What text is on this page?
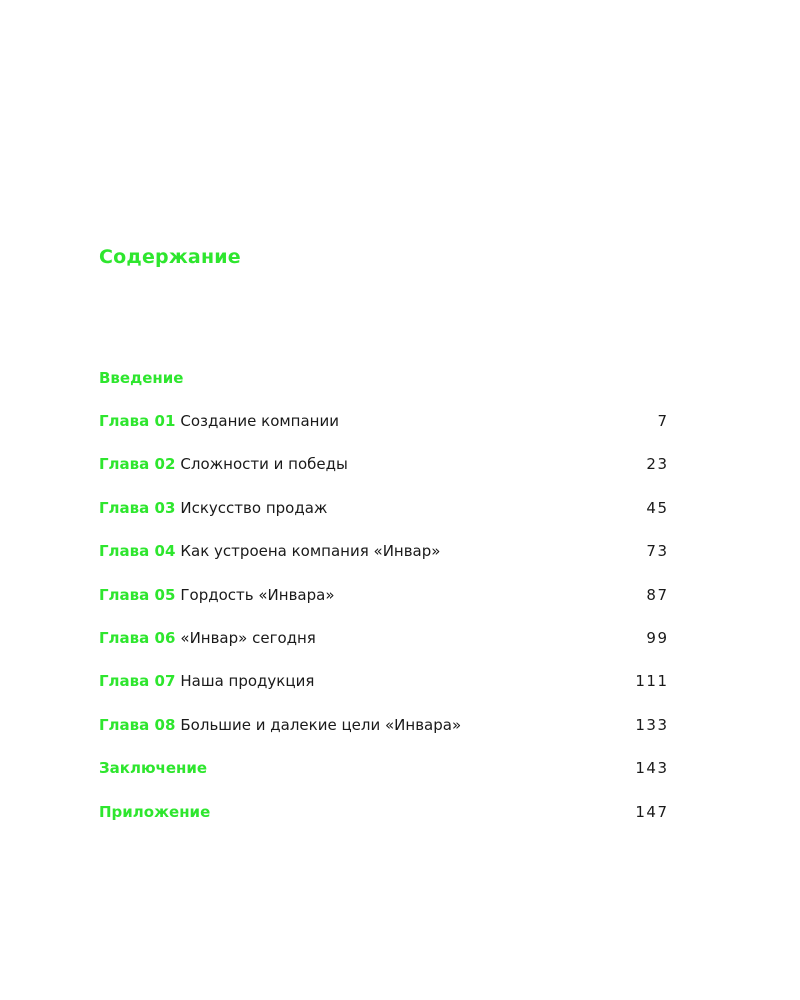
Содержание
Введение
Глава 01 Создание компании	7
Глава 02 Сложности и победы	23
Глава 03 Искусство продаж	45
Глава 04 Как устроена компания «Инвар»	73
Глава 05 Гордость «Инвара»	87
Глава 06 «Инвар» сегодня	99
Глава 07 Наша продукция	111
Глава 08 Большие и далекие цели «Инвара»	133
Заключение	143
Приложение	147
